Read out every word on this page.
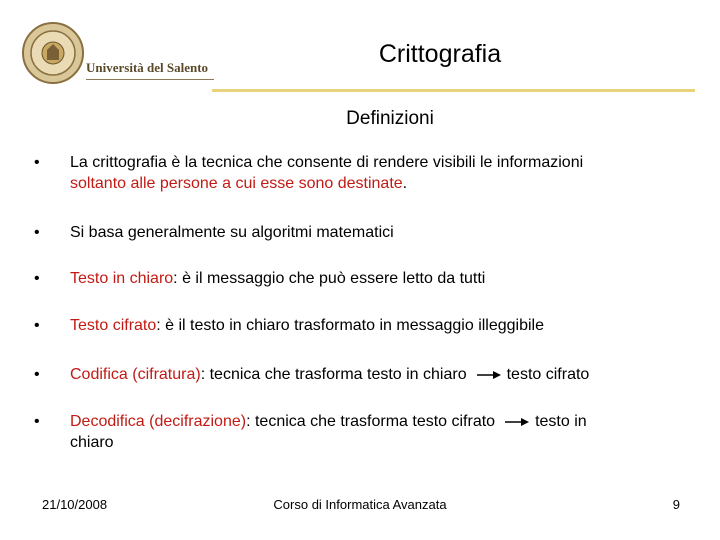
Università del Salento	Crittografia
Definizioni
• La crittografia è la tecnica che consente di rendere visibili le informazioni
soltanto alle persone a cui esse sono destinate.
• Si basa generalmente su algoritmi matematici
• Testo in chiaro: è il messaggio che può essere letto da tutti
• Testo cifrato: è il testo in chiaro trasformato in messaggio illeggibile
• Codifica (cifratura): tecnica che trasforma testo in chiaro	testo cifrato
• Decodifica (decifrazione): tecnica che trasforma testo cifrato	testo in
chiaro
21/10/2008	Corso di Informatica Avanzata	9
